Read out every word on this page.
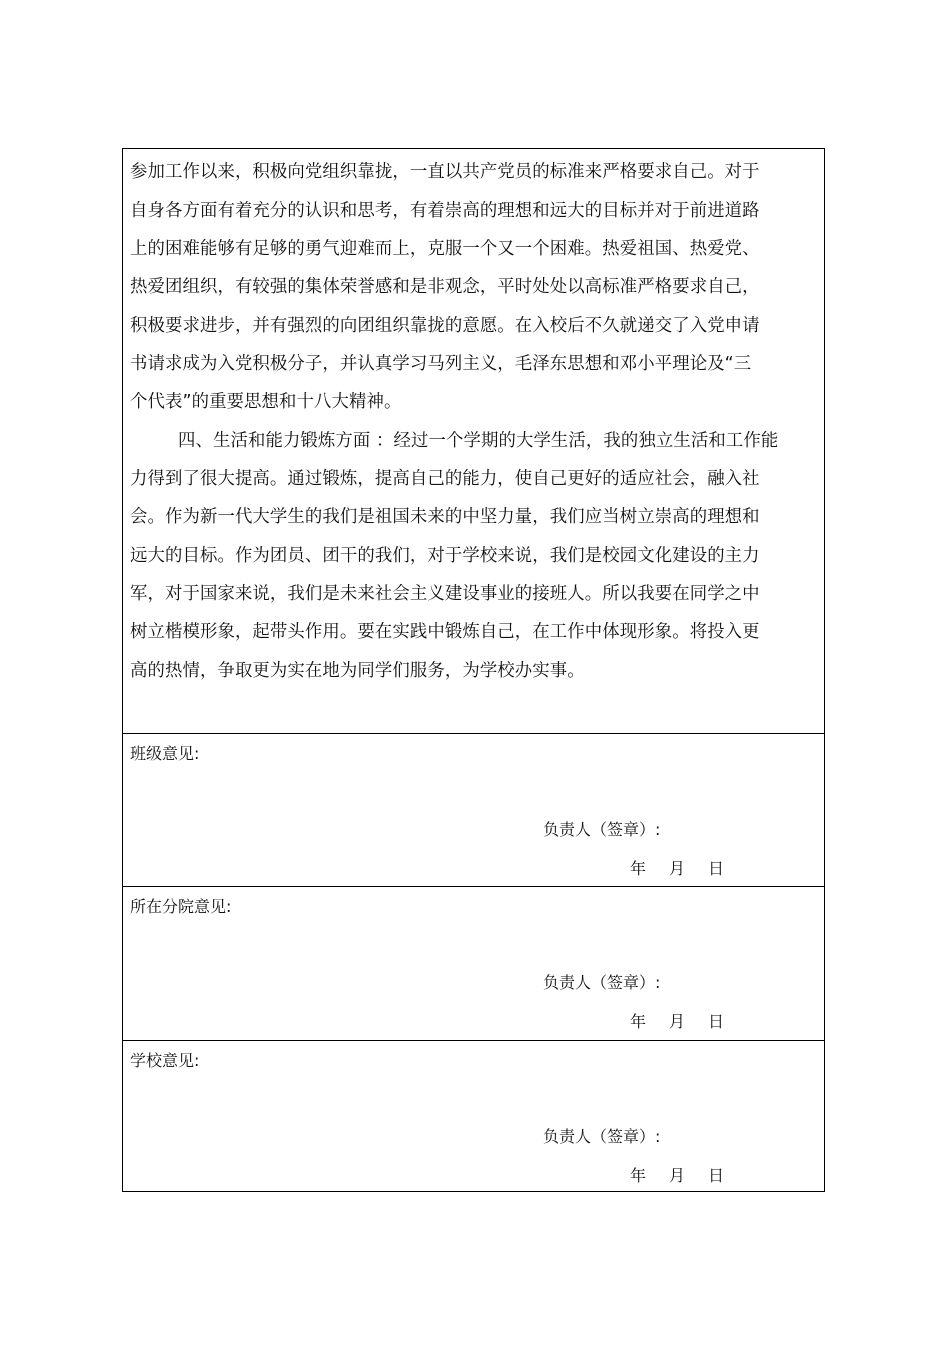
参加工作以来，积极向党组织靠拢，一直以共产党员的标准来严格要求自己。对于
自身各方面有着充分的认识和思考，有着崇高的理想和远大的目标并对于前进道路
上的困难能够有足够的勇气迎难而上，克服一个又一个困难。热爱祖国、热爱党、
热爱团组织，有较强的集体荣誉感和是非观念，平时处处以高标准严格要求自己，
积极要求进步，并有强烈的向团组织靠拢的意愿。在入校后不久就递交了入党申请
书请求成为入党积极分子，并认真学习马列主义，毛泽东思想和邓小平理论及“三
个代表”的重要思想和十八大精神。
四、生活和能力锻炼方面 ：经过一个学期的大学生活，我的独立生活和工作能
力得到了很大提高。通过锻炼，提高自己的能力，使自己更好的适应社会，融入社
会。作为新一代大学生的我们是祖国未来的中坚力量，我们应当树立崇高的理想和
远大的目标。作为团员、团干的我们，对于学校来说，我们是校园文化建设的主力
军，对于国家来说，我们是未来社会主义建设事业的接班人。所以我要在同学之中
树立楷模形象，起带头作用。要在实践中锻炼自己，在工作中体现形象。将投入更
高的热情，争取更为实在地为同学们服务，为学校办实事。
班级意见:
负责人（签章）:
年 月 日
所在分院意见:
负责人（签章）:
年 月 日
学校意见:
负责人（签章）:
年 月 日
